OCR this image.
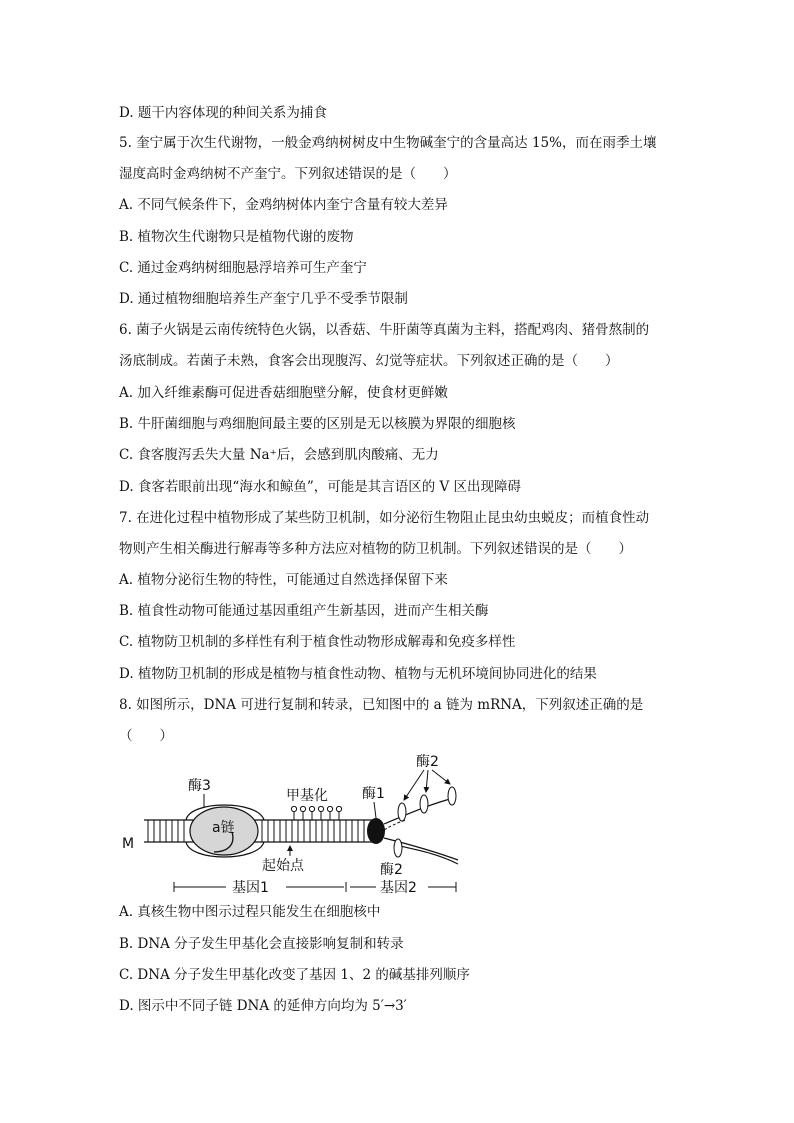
D. 题干内容体现的种间关系为捕食
5. 奎宁属于次生代谢物，一般金鸡纳树树皮中生物碱奎宁的含量高达 15%，而在雨季土壤
湿度高时金鸡纳树不产奎宁。下列叙述错误的是（　　）
A. 不同气候条件下，金鸡纳树体内奎宁含量有较大差异
B. 植物次生代谢物只是植物代谢的废物
C. 通过金鸡纳树细胞悬浮培养可生产奎宁
D. 通过植物细胞培养生产奎宁几乎不受季节限制
6. 菌子火锅是云南传统特色火锅，以香菇、牛肝菌等真菌为主料，搭配鸡肉、猪骨熬制的
汤底制成。若菌子未熟，食客会出现腹泻、幻觉等症状。下列叙述正确的是（　　）
A. 加入纤维素酶可促进香菇细胞壁分解，使食材更鲜嫩
B. 牛肝菌细胞与鸡细胞间最主要的区别是无以核膜为界限的细胞核
C. 食客腹泻丢失大量 Na⁺后，会感到肌肉酸痛、无力
D. 食客若眼前出现“海水和鲸鱼”，可能是其言语区的 V 区出现障碍
7. 在进化过程中植物形成了某些防卫机制，如分泌衍生物阻止昆虫幼虫蜕皮；而植食性动
物则产生相关酶进行解毒等多种方法应对植物的防卫机制。下列叙述错误的是（　　）
A. 植物分泌衍生物的特性，可能通过自然选择保留下来
B. 植食性动物可能通过基因重组产生新基因，进而产生相关酶
C. 植物防卫机制的多样性有利于植食性动物形成解毒和免疫多样性
D. 植物防卫机制的形成是植物与植食性动物、植物与无机环境间协同进化的结果
8. 如图所示，DNA 可进行复制和转录，已知图中的 a 链为 mRNA，下列叙述正确的是
（　　）
a链
酶3
甲基化
起始点
M
酶1
酶2
酶2
基因1	基因2
A. 真核生物中图示过程只能发生在细胞核中
B. DNA 分子发生甲基化会直接影响复制和转录
C. DNA 分子发生甲基化改变了基因 1、2 的碱基排列顺序
D. 图示中不同子链 DNA 的延伸方向均为 5′→3′
